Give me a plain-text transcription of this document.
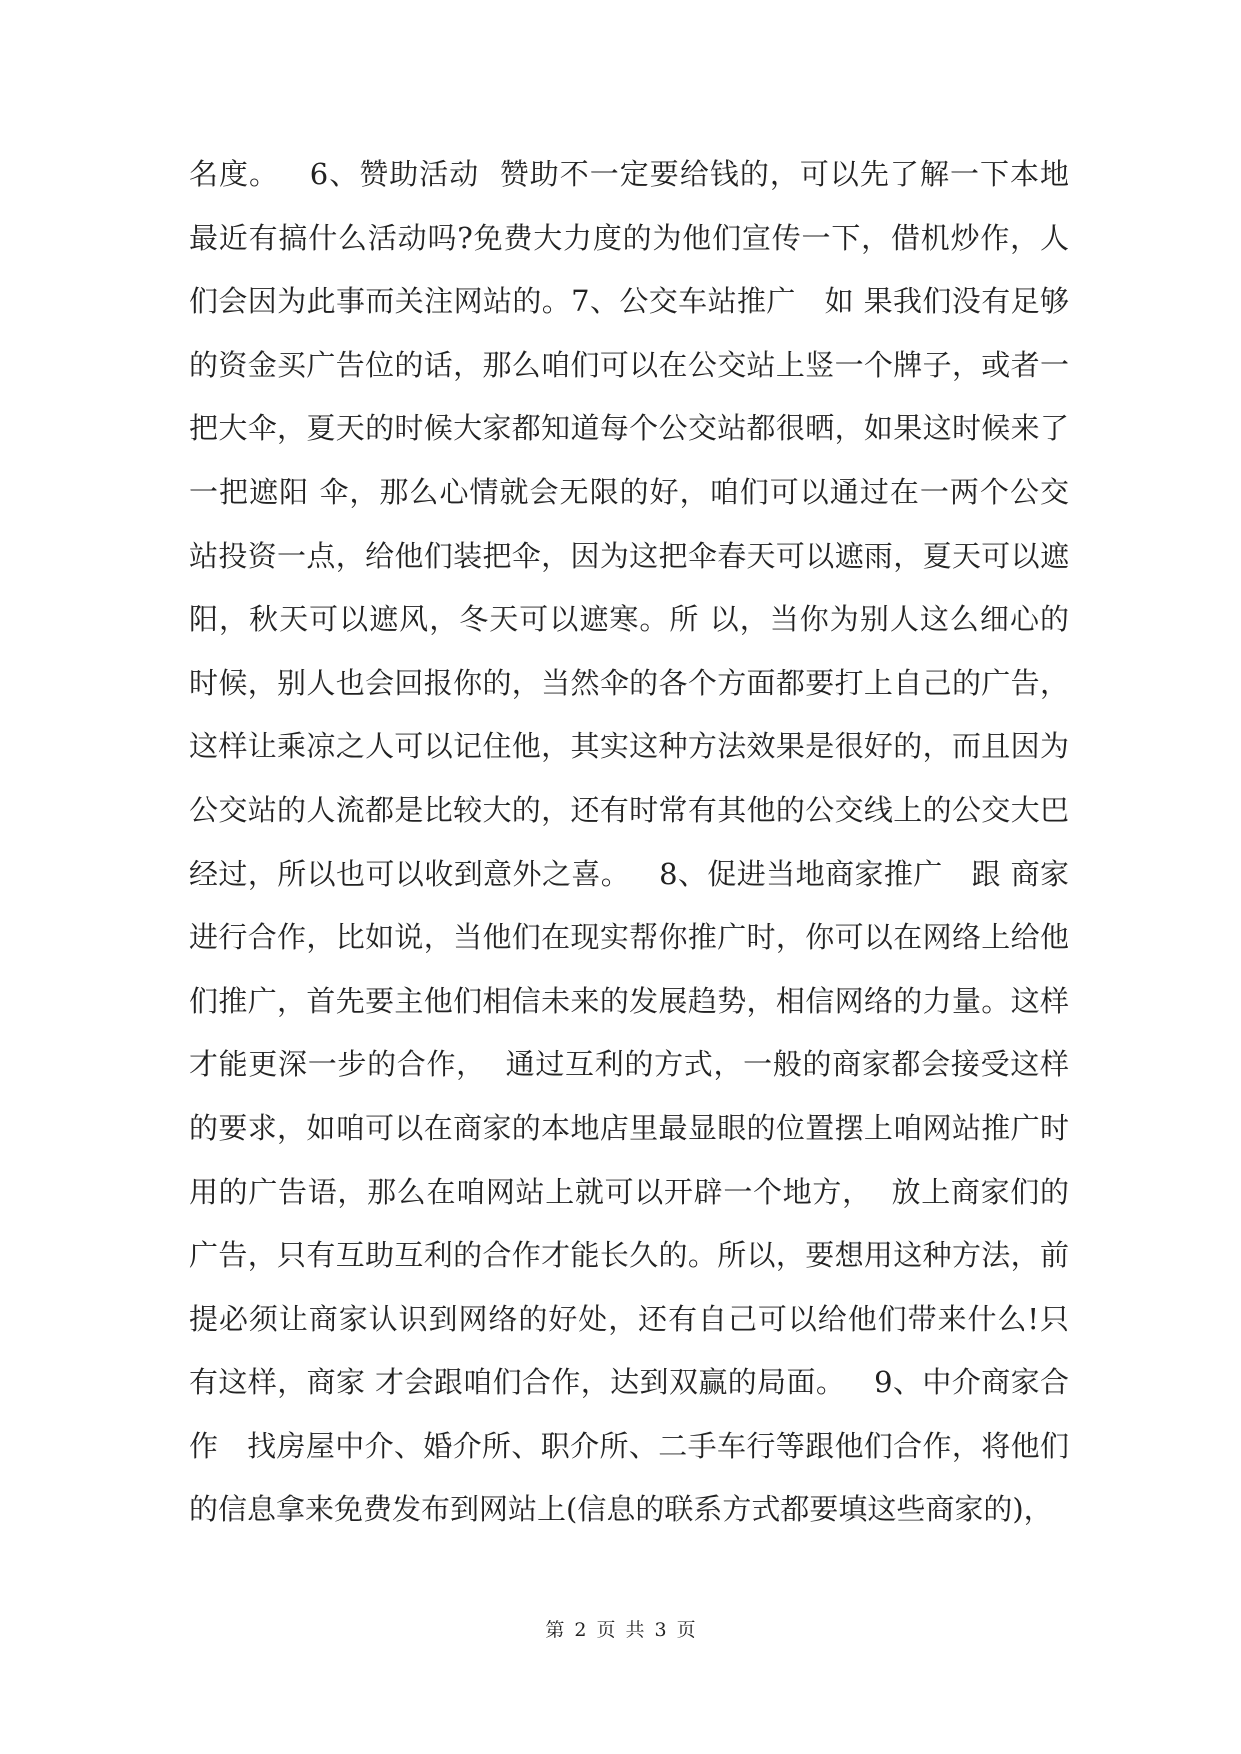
名度。   6、赞助活动  赞助不一定要给钱的，可以先了解一下本地
最近有搞什么活动吗?免费大力度的为他们宣传一下，借机炒作，人
们会因为此事而关注网站的。7、公交车站推广   如 果我们没有足够
的资金买广告位的话，那么咱们可以在公交站上竖一个牌子，或者一
把大伞，夏天的时候大家都知道每个公交站都很晒，如果这时候来了
一把遮阳 伞，那么心情就会无限的好，咱们可以通过在一两个公交
站投资一点，给他们装把伞，因为这把伞春天可以遮雨，夏天可以遮
阳，秋天可以遮风，冬天可以遮寒。所 以，当你为别人这么细心的
时候，别人也会回报你的，当然伞的各个方面都要打上自己的广告，
这样让乘凉之人可以记住他，其实这种方法效果是很好的，而且因为
公交站的人流都是比较大的，还有时常有其他的公交线上的公交大巴
经过，所以也可以收到意外之喜。   8、促进当地商家推广   跟 商家
进行合作，比如说，当他们在现实帮你推广时，你可以在网络上给他
们推广，首先要主他们相信未来的发展趋势，相信网络的力量。这样
才能更深一步的合作，  通过互利的方式，一般的商家都会接受这样
的要求，如咱可以在商家的本地店里最显眼的位置摆上咱网站推广时
用的广告语，那么在咱网站上就可以开辟一个地方，  放上商家们的
广告，只有互助互利的合作才能长久的。所以，要想用这种方法，前
提必须让商家认识到网络的好处，还有自己可以给他们带来什么!只
有这样，商家 才会跟咱们合作，达到双赢的局面。   9、中介商家合
作   找房屋中介、婚介所、职介所、二手车行等跟他们合作，将他们
的信息拿来免费发布到网站上(信息的联系方式都要填这些商家的)，
第 2 页 共 3 页
